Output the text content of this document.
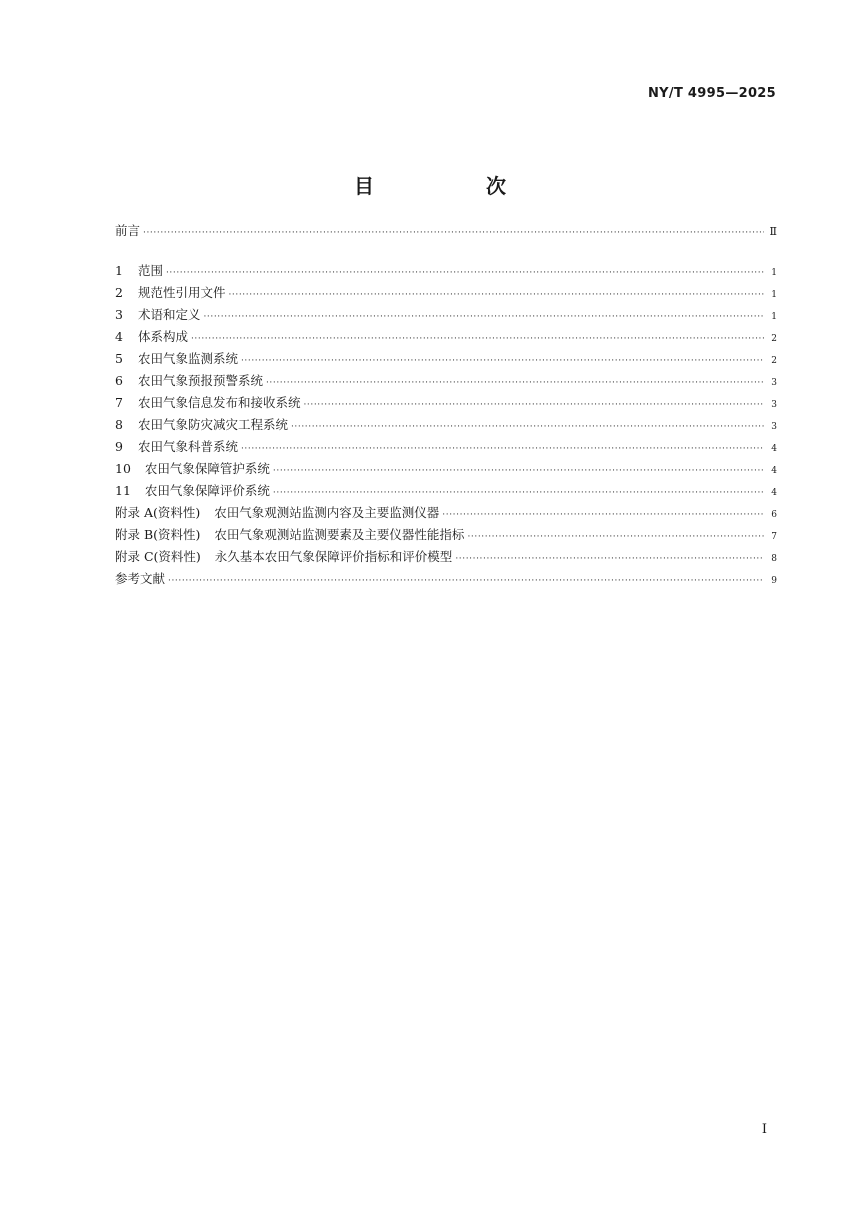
NY/T 4995—2025
目　次
前言 ·····	Ⅱ
1 范围 ·····	1
2 规范性引用文件 ·····	1
3 术语和定义 ·····	1
4 体系构成 ·····	2
5 农田气象监测系统 ·····	2
6 农田气象预报预警系统 ·····	3
7 农田气象信息发布和接收系统 ·····	3
8 农田气象防灾减灾工程系统 ·····	3
9 农田气象科普系统 ·····	4
10 农田气象保障管护系统 ·····	4
11 农田气象保障评价系统 ·····	4
附录 A(资料性) 农田气象观测站监测内容及主要监测仪器 ·····	6
附录 B(资料性) 农田气象观测站监测要素及主要仪器性能指标 ·····	7
附录 C(资料性) 永久基本农田气象保障评价指标和评价模型 ·····	8
参考文献 ·····	9
Ⅰ
